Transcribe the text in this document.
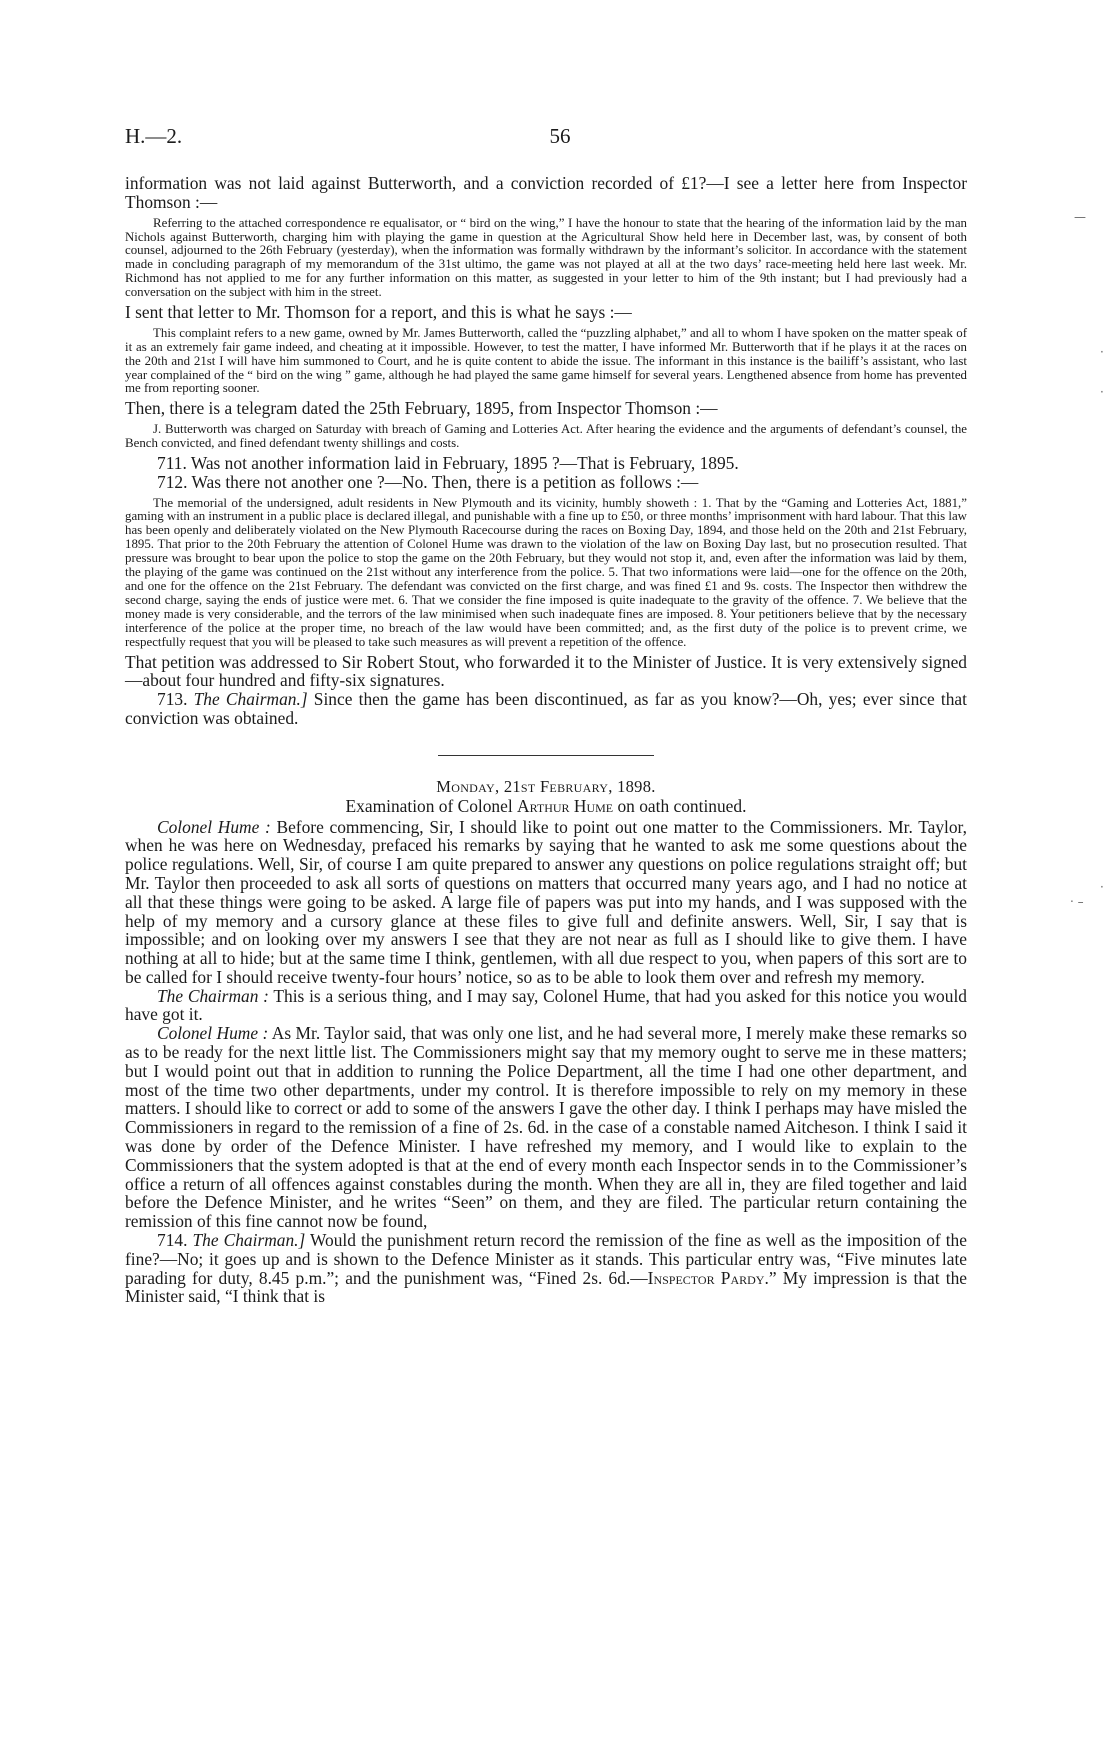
56
H.—2.

information was not laid against Butterworth, and a conviction recorded of £1?—I see a letter here from Inspector Thomson :—

Referring to the attached correspondence re equalisator, or “ bird on the wing,” I have the honour to state that the hearing of the information laid by the man Nichols against Butterworth, charging him with playing the game in question at the Agricultural Show held here in December last, was, by consent of both counsel, adjourned to the 26th February (yesterday), when the information was formally withdrawn by the informant’s solicitor. In accordance with the statement made in concluding paragraph of my memorandum of the 31st ultimo, the game was not played at all at the two days’ race-meeting held here last week. Mr. Richmond has not applied to me for any further information on this matter, as suggested in your letter to him of the 9th instant; but I had previously had a conversation on the subject with him in the street.

I sent that letter to Mr. Thomson for a report, and this is what he says :—

This complaint refers to a new game, owned by Mr. James Butterworth, called the “puzzling alphabet,” and all to whom I have spoken on the matter speak of it as an extremely fair game indeed, and cheating at it impossible. However, to test the matter, I have informed Mr. Butterworth that if he plays it at the races on the 20th and 21st I will have him summoned to Court, and he is quite content to abide the issue. The informant in this instance is the bailiff’s assistant, who last year complained of the “ bird on the wing ” game, although he had played the same game himself for several years. Lengthened absence from home has prevented me from reporting sooner.

Then, there is a telegram dated the 25th February, 1895, from Inspector Thomson :—

J. Butterworth was charged on Saturday with breach of Gaming and Lotteries Act. After hearing the evidence and the arguments of defendant’s counsel, the Bench convicted, and fined defendant twenty shillings and costs.

711. Was not another information laid in February, 1895 ?—That is February, 1895.

712. Was there not another one ?—No. Then, there is a petition as follows :—

The memorial of the undersigned, adult residents in New Plymouth and its vicinity, humbly showeth : 1. That by the “Gaming and Lotteries Act, 1881,” gaming with an instrument in a public place is declared illegal, and punishable with a fine up to £50, or three months’ imprisonment with hard labour. That this law has been openly and deliberately violated on the New Plymouth Racecourse during the races on Boxing Day, 1894, and those held on the 20th and 21st February, 1895. That prior to the 20th February the attention of Colonel Hume was drawn to the violation of the law on Boxing Day last, but no prosecution resulted. That pressure was brought to bear upon the police to stop the game on the 20th February, but they would not stop it, and, even after the information was laid by them, the playing of the game was continued on the 21st without any interference from the police. 5. That two informations were laid—one for the offence on the 20th, and one for the offence on the 21st February. The defendant was convicted on the first charge, and was fined £1 and 9s. costs. The Inspector then withdrew the second charge, saying the ends of justice were met. 6. That we consider the fine imposed is quite inadequate to the gravity of the offence. 7. We believe that the money made is very considerable, and the terrors of the law minimised when such inadequate fines are imposed. 8. Your petitioners believe that by the necessary interference of the police at the proper time, no breach of the law would have been committed; and, as the first duty of the police is to prevent crime, we respectfully request that you will be pleased to take such measures as will prevent a repetition of the offence.

That petition was addressed to Sir Robert Stout, who forwarded it to the Minister of Justice. It is very extensively signed—about four hundred and fifty-six signatures.

713. The Chairman.] Since then the game has been discontinued, as far as you know?—Oh, yes; ever since that conviction was obtained.

Monday, 21st February, 1898.

Examination of Colonel Arthur Hume on oath continued.

Colonel Hume : Before commencing, Sir, I should like to point out one matter to the Commissioners. Mr. Taylor, when he was here on Wednesday, prefaced his remarks by saying that he wanted to ask me some questions about the police regulations. Well, Sir, of course I am quite prepared to answer any questions on police regulations straight off; but Mr. Taylor then proceeded to ask all sorts of questions on matters that occurred many years ago, and I had no notice at all that these things were going to be asked. A large file of papers was put into my hands, and I was supposed with the help of my memory and a cursory glance at these files to give full and definite answers. Well, Sir, I say that is impossible; and on looking over my answers I see that they are not near as full as I should like to give them. I have nothing at all to hide; but at the same time I think, gentlemen, with all due respect to you, when papers of this sort are to be called for I should receive twenty-four hours’ notice, so as to be able to look them over and refresh my memory.

The Chairman : This is a serious thing, and I may say, Colonel Hume, that had you asked for this notice you would have got it.

Colonel Hume : As Mr. Taylor said, that was only one list, and he had several more, I merely make these remarks so as to be ready for the next little list. The Commissioners might say that my memory ought to serve me in these matters; but I would point out that in addition to running the Police Department, all the time I had one other department, and most of the time two other departments, under my control. It is therefore impossible to rely on my memory in these matters. I should like to correct or add to some of the answers I gave the other day. I think I perhaps may have misled the Commissioners in regard to the remission of a fine of 2s. 6d. in the case of a constable named Aitcheson. I think I said it was done by order of the Defence Minister. I have refreshed my memory, and I would like to explain to the Commissioners that the system adopted is that at the end of every month each Inspector sends in to the Commissioner’s office a return of all offences against constables during the month. When they are all in, they are filed together and laid before the Defence Minister, and he writes “Seen” on them, and they are filed. The particular return containing the remission of this fine cannot now be found,

714. The Chairman.] Would the punishment return record the remission of the fine as well as the imposition of the fine?—No; it goes up and is shown to the Defence Minister as it stands. This particular entry was, “Five minutes late parading for duty, 8.45 p.m.”; and the punishment was, “Fined 2s. 6d.—Inspector Pardy.” My impression is that the Minister said, “I think that is

—
·
·
·
‧ –
